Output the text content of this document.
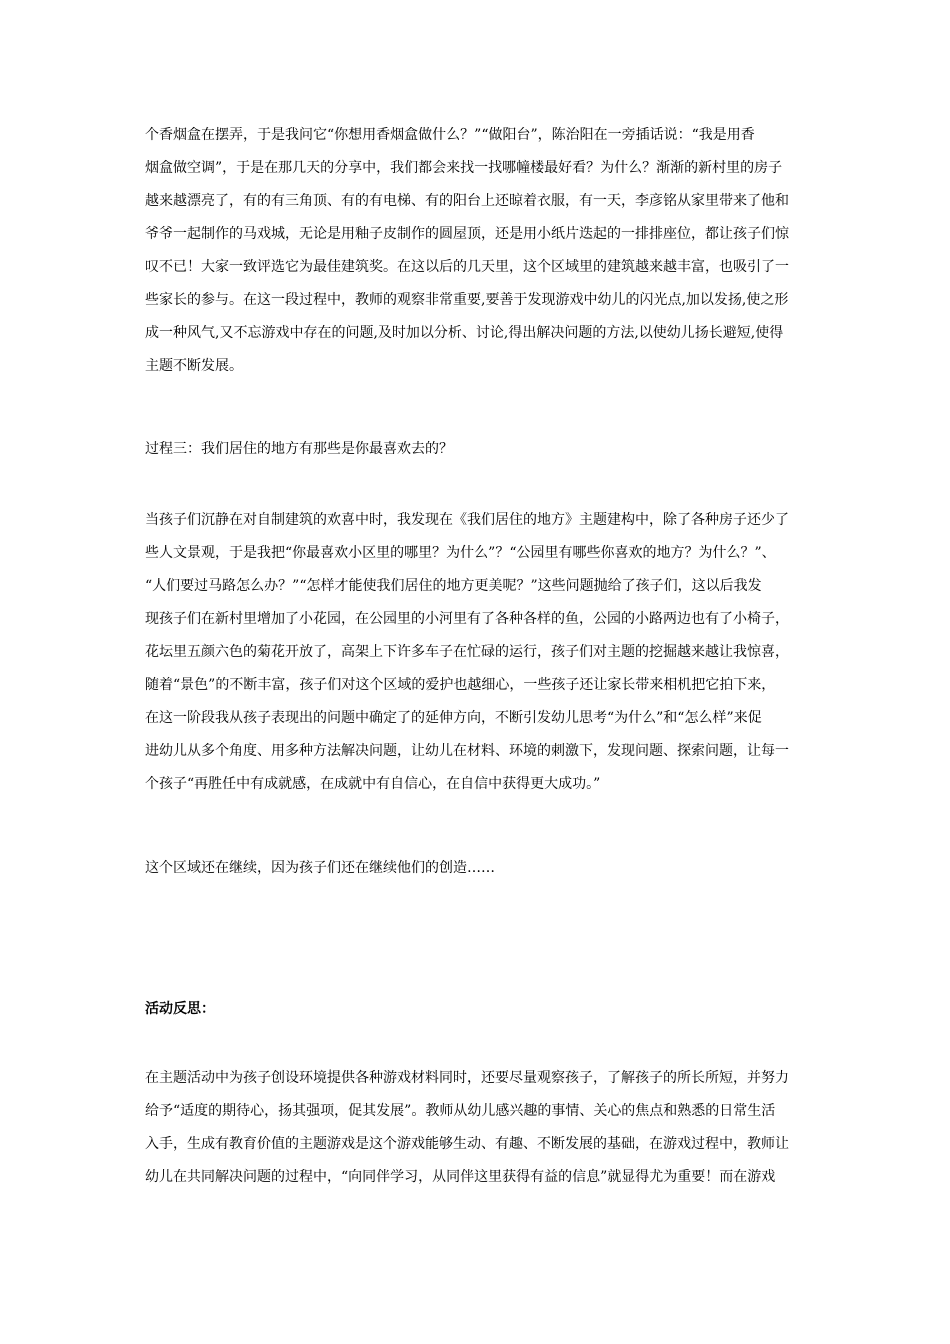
个香烟盒在摆弄，于是我问它“你想用香烟盒做什么？”“做阳台”，陈治阳在一旁插话说：“我是用香
烟盒做空调”，于是在那几天的分享中，我们都会来找一找哪幢楼最好看？为什么？渐渐的新村里的房子
越来越漂亮了，有的有三角顶、有的有电梯、有的阳台上还晾着衣服，有一天，李彦铭从家里带来了他和
爷爷一起制作的马戏城，无论是用釉子皮制作的圆屋顶，还是用小纸片迭起的一排排座位，都让孩子们惊
叹不已！大家一致评选它为最佳建筑奖。在这以后的几天里，这个区域里的建筑越来越丰富，也吸引了一
些家长的参与。在这一段过程中，教师的观察非常重要,要善于发现游戏中幼儿的闪光点,加以发扬,使之形
成一种风气,又不忘游戏中存在的问题,及时加以分析、讨论,得出解决问题的方法,以使幼儿扬长避短,使得
主题不断发展。
过程三：我们居住的地方有那些是你最喜欢去的？
当孩子们沉静在对自制建筑的欢喜中时，我发现在《我们居住的地方》主题建构中，除了各种房子还少了
些人文景观，于是我把“你最喜欢小区里的哪里？为什么”？“公园里有哪些你喜欢的地方？为什么？”、
“人们要过马路怎么办？”“怎样才能使我们居住的地方更美呢？”这些问题抛给了孩子们，这以后我发
现孩子们在新村里增加了小花园，在公园里的小河里有了各种各样的鱼，公园的小路两边也有了小椅子，
花坛里五颜六色的菊花开放了，高架上下许多车子在忙碌的运行，孩子们对主题的挖掘越来越让我惊喜，
随着“景色”的不断丰富，孩子们对这个区域的爱护也越细心，一些孩子还让家长带来相机把它拍下来，
在这一阶段我从孩子表现出的问题中确定了的延伸方向，不断引发幼儿思考“为什么”和“怎么样”来促
进幼儿从多个角度、用多种方法解决问题，让幼儿在材料、环境的刺激下，发现问题、探索问题，让每一
个孩子“再胜任中有成就感，在成就中有自信心，在自信中获得更大成功。”
这个区域还在继续，因为孩子们还在继续他们的创造……
活动反思：
在主题活动中为孩子创设环境提供各种游戏材料同时，还要尽量观察孩子，了解孩子的所长所短，并努力
给予“适度的期待心，扬其强项，促其发展”。教师从幼儿感兴趣的事情、关心的焦点和熟悉的日常生活
入手，生成有教育价值的主题游戏是这个游戏能够生动、有趣、不断发展的基础，在游戏过程中，教师让
幼儿在共同解决问题的过程中，“向同伴学习，从同伴这里获得有益的信息”就显得尤为重要！而在游戏
